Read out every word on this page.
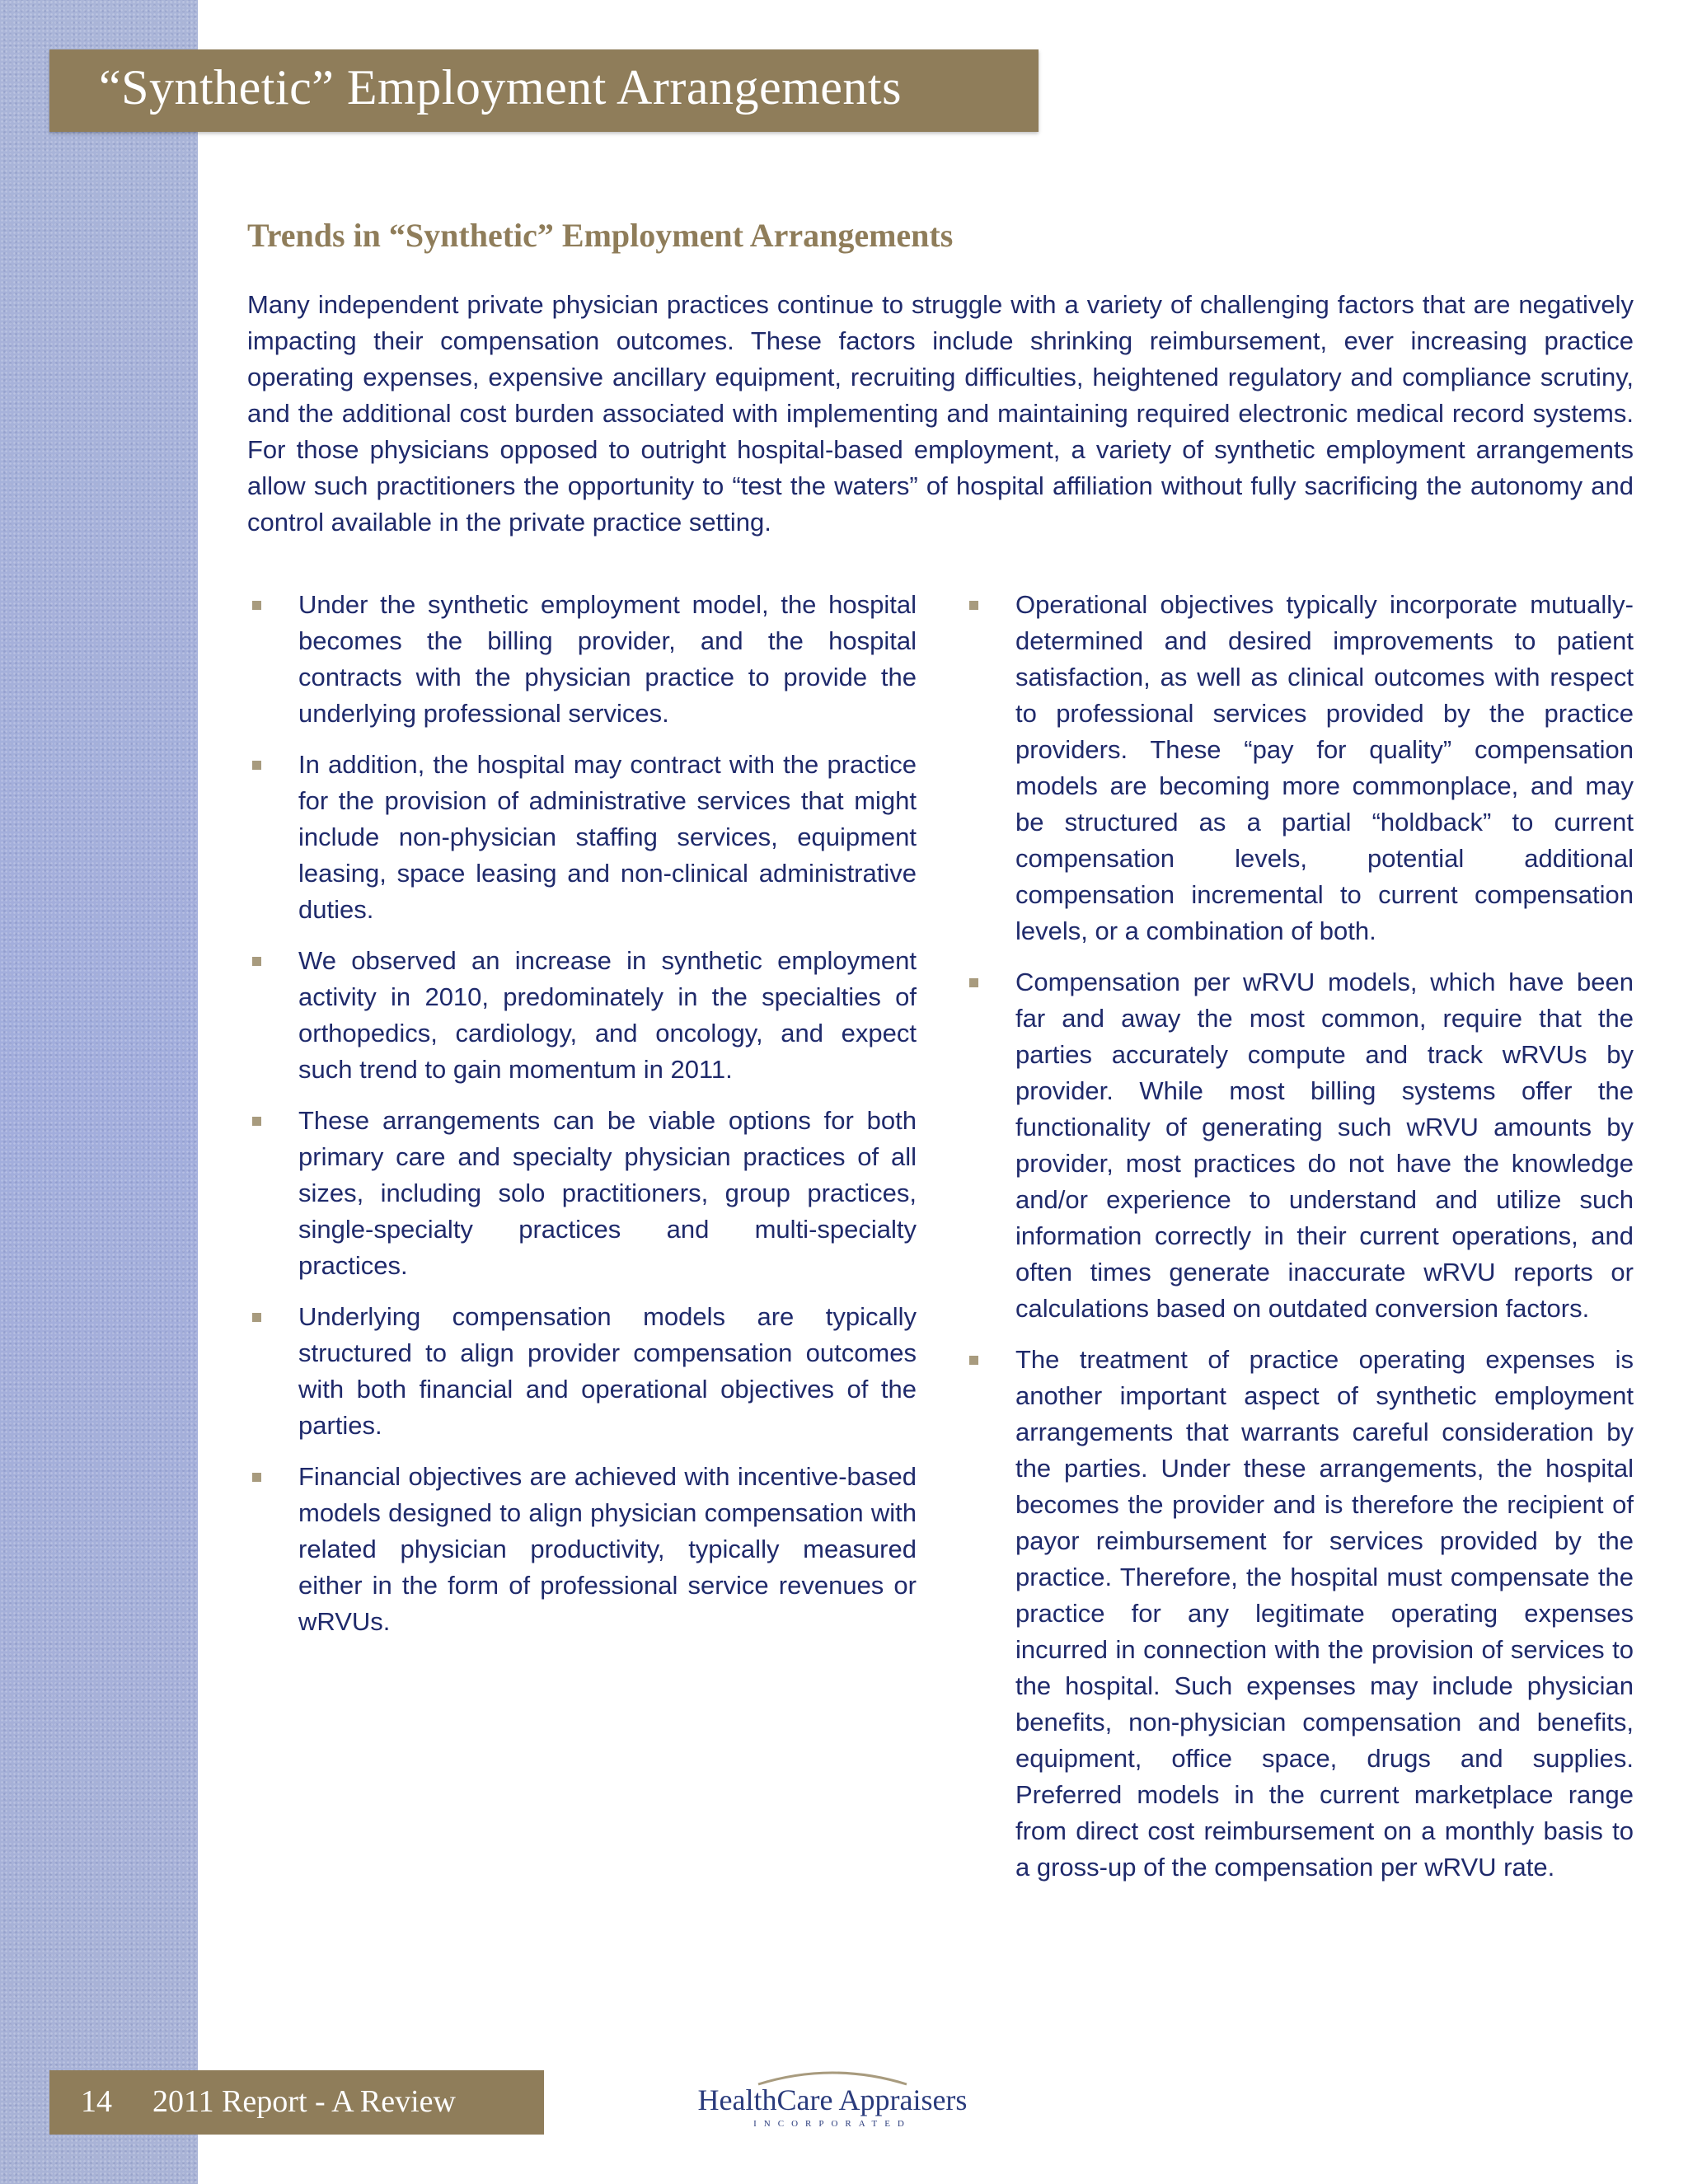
“Synthetic” Employment Arrangements
Trends in “Synthetic” Employment Arrangements

Many independent private physician practices continue to struggle with a variety of challenging factors that are negatively impacting their compensation outcomes. These factors include shrinking reimbursement, ever increasing practice operating expenses, expensive ancillary equipment, recruiting difficulties, heightened regulatory and compliance scrutiny, and the additional cost burden associated with implementing and maintaining required electronic medical record systems. For those physicians opposed to outright hospital-based employment, a variety of synthetic employment arrangements allow such practitioners the opportunity to “test the waters” of hospital affiliation without fully sacrificing the autonomy and control available in the private practice setting.

Under the synthetic employment model, the hospital becomes the billing provider, and the hospital contracts with the physician practice to provide the underlying professional services.
In addition, the hospital may contract with the practice for the provision of administrative services that might include non-physician staffing services, equipment leasing, space leasing and non-clinical administrative duties.
We observed an increase in synthetic employment activity in 2010, predominately in the specialties of orthopedics, cardiology, and oncology, and expect such trend to gain momentum in 2011.
These arrangements can be viable options for both primary care and specialty physician practices of all sizes, including solo practitioners, group practices, single-specialty practices and multi-specialty practices.
Underlying compensation models are typically structured to align provider compensation outcomes with both financial and operational objectives of the parties.
Financial objectives are achieved with incentive-based models designed to align physician compensation with related physician productivity, typically measured either in the form of professional service revenues or wRVUs.
Operational objectives typically incorporate mutually-determined and desired improvements to patient satisfaction, as well as clinical outcomes with respect to professional services provided by the practice providers. These “pay for quality” compensation models are becoming more commonplace, and may be structured as a partial “holdback” to current compensation levels, potential additional compensation incremental to current compensation levels, or a combination of both.
Compensation per wRVU models, which have been far and away the most common, require that the parties accurately compute and track wRVUs by provider. While most billing systems offer the functionality of generating such wRVU amounts by provider, most practices do not have the knowledge and/or experience to understand and utilize such information correctly in their current operations, and often times generate inaccurate wRVU reports or calculations based on outdated conversion factors.
The treatment of practice operating expenses is another important aspect of synthetic employment arrangements that warrants careful consideration by the parties. Under these arrangements, the hospital becomes the provider and is therefore the recipient of payor reimbursement for services provided by the practice. Therefore, the hospital must compensate the practice for any legitimate operating expenses incurred in connection with the provision of services to the hospital. Such expenses may include physician benefits, non-physician compensation and benefits, equipment, office space, drugs and supplies. Preferred models in the current marketplace range from direct cost reimbursement on a monthly basis to a gross-up of the compensation per wRVU rate.
14 2011 Report - A Review	HealthCare Appraisers
INCORPORATED
